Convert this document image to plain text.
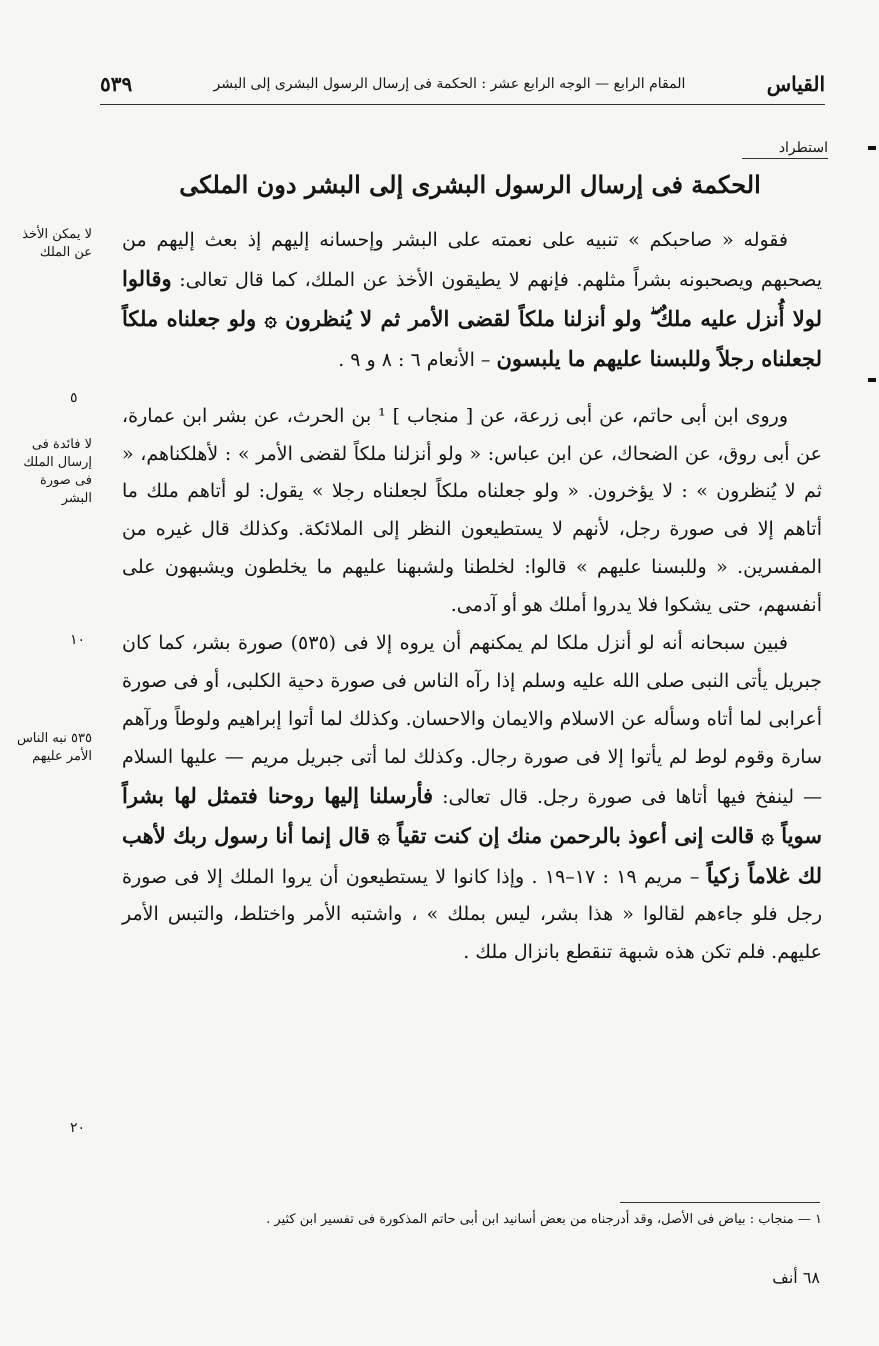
القياس
المقام الرابع — الوجه الرابع عشر : الحكمة فى إرسال الرسول البشرى إلى البشر
٥٣٩
استطراد
الحكمة فى إرسال الرسول البشرى إلى البشر دون الملكى

فقوله « صاحبكم » تنبيه على نعمته على البشر وإحسانه إليهم إذ بعث إليهم من يصحبهم ويصحبونه بشراً مثلهم. فإنهم لا يطيقون الأخذ عن الملك، كما قال تعالى: وقالوا لولا أُنزل عليه ملكٌ ۖ ولو أنزلنا ملكاً لقضى الأمر ثم لا يُنظرون ۞ ولو جعلناه ملكاً لجعلناه رجلاً وللبسنا عليهم ما يلبسون – الأنعام ٦ : ٨ و ٩ .

وروى ابن أبى حاتم، عن أبى زرعة، عن [ منجاب ] ¹ بن الحرث، عن بشر ابن عمارة، عن أبى روق، عن الضحاك، عن ابن عباس: « ولو أنزلنا ملكاً لقضى الأمر » : لأهلكناهم، « ثم لا يُنظرون » : لا يؤخرون. « ولو جعلناه ملكاً لجعلناه رجلا » يقول: لو أتاهم ملك ما أتاهم إلا فى صورة رجل، لأنهم لا يستطيعون النظر إلى الملائكة. وكذلك قال غيره من المفسرين. « وللبسنا عليهم » قالوا: لخلطنا ولشبهنا عليهم ما يخلطون ويشبهون على أنفسهم، حتى يشكوا فلا يدروا أملك هو أو آدمى.

فبين سبحانه أنه لو أنزل ملكا لم يمكنهم أن يروه إلا فى (٥٣٥) صورة بشر، كما كان جبريل يأتى النبى صلى الله عليه وسلم إذا رآه الناس فى صورة دحية الكلبى، أو فى صورة أعرابى لما أتاه وسأله عن الاسلام والايمان والاحسان. وكذلك لما أتوا إبراهيم ولوطاً ورآهم سارة وقوم لوط لم يأتوا إلا فى صورة رجال. وكذلك لما أتى جبريل مريم — عليها السلام — لينفخ فيها أتاها فى صورة رجل. قال تعالى: فأرسلنا إليها روحنا فتمثل لها بشراً سوياً ۞ قالت إنى أعوذ بالرحمن منك إن كنت تقياً ۞ قال إنما أنا رسول ربك لأهب لك غلاماً زكياً – مريم ١٩ : ١٧–١٩ . وإذا كانوا لا يستطيعون أن يروا الملك إلا فى صورة رجل فلو جاءهم لقالوا « هذا بشر، ليس بملك » ، واشتبه الأمر واختلط، والتبس الأمر عليهم. فلم تكن هذه شبهة تنقطع بانزال ملك .

لا يمكن الأخذ عن الملك
لا فائدة فى إرسال الملك فى صورة البشر
٥٣٥ نبه الناس الأمر عليهم
٥
١٠
٢٠
١ — منجاب : بياض فى الأصل، وقد أدرجناه من بعض أسانيد ابن أبى حاتم المذكورة فى تفسير ابن كثير .
٦٨ أنف
